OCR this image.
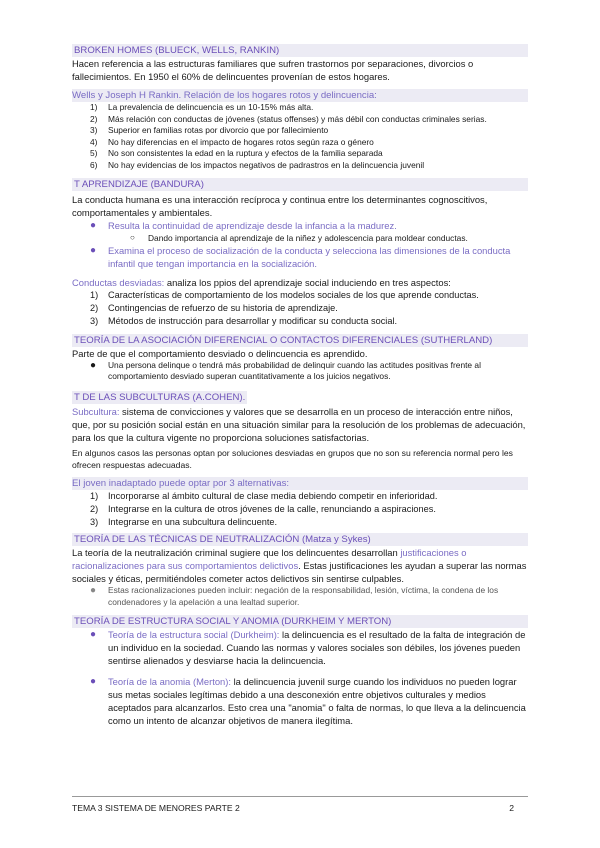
BROKEN HOMES (BLUECK, WELLS, RANKIN)

Hacen referencia a las estructuras familiares que sufren trastornos por separaciones, divorcios o fallecimientos. En 1950 el 60% de delincuentes provenían de estos hogares.

Wells y Joseph H Rankin. Relación de los hogares rotos y delincuencia:
1) La prevalencia de delincuencia es un 10-15% más alta.
2) Más relación con conductas de jóvenes (status offenses) y más débil con conductas criminales serias.
3) Superior en familias rotas por divorcio que por fallecimiento
4) No hay diferencias en el impacto de hogares rotos según raza o género
5) No son consistentes la edad en la ruptura y efectos de la familia separada
6) No hay evidencias de los impactos negativos de padrastros en la delincuencia juvenil
T APRENDIZAJE (BANDURA)

La conducta humana es una interacción recíproca y continua entre los determinantes cognoscitivos, comportamentales y ambientales.

● Resulta la continuidad de aprendizaje desde la infancia a la madurez.
○ Dando importancia al aprendizaje de la niñez y adolescencia para moldear conductas.
● Examina el proceso de socialización de la conducta y selecciona las dimensiones de la conducta infantil que tengan importancia en la socialización.

Conductas desviadas: analiza los ppios del aprendizaje social induciendo en tres aspectos:

1) Características de comportamiento de los modelos sociales de los que aprende conductas.
2) Contingencias de refuerzo de su historia de aprendizaje.
3) Métodos de instrucción para desarrollar y modificar su conducta social.
TEORÍA DE LA ASOCIACIÓN DIFERENCIAL O CONTACTOS DIFERENCIALES (SUTHERLAND)

Parte de que el comportamiento desviado o delincuencia es aprendido.

● Una persona delinque o tendrá más probabilidad de delinquir cuando las actitudes positivas frente al comportamiento desviado superan cuantitativamente a los juicios negativos.
T DE LAS SUBCULTURAS (A.COHEN).

Subcultura: sistema de convicciones y valores que se desarrolla en un proceso de interacción entre niños, que, por su posición social están en una situación similar para la resolución de los problemas de adecuación, para los que la cultura vigente no proporciona soluciones satisfactorias.

En algunos casos las personas optan por soluciones desviadas en grupos que no son su referencia normal pero les ofrecen respuestas adecuadas.

El joven inadaptado puede optar por 3 alternativas:
1) Incorporarse al ámbito cultural de clase media debiendo competir en inferioridad.
2) Integrarse en la cultura de otros jóvenes de la calle, renunciando a aspiraciones.
3) Integrarse en una subcultura delincuente.
TEORÍA DE LAS TÉCNICAS DE NEUTRALIZACIÓN (Matza y Sykes)

La teoría de la neutralización criminal sugiere que los delincuentes desarrollan justificaciones o racionalizaciones para sus comportamientos delictivos. Estas justificaciones les ayudan a superar las normas sociales y éticas, permitiéndoles cometer actos delictivos sin sentirse culpables.

● Estas racionalizaciones pueden incluir: negación de la responsabilidad, lesión, víctima, la condena de los condenadores y la apelación a una lealtad superior.
TEORÍA DE ESTRUCTURA SOCIAL Y ANOMIA (DURKHEIM Y MERTON)
● Teoría de la estructura social (Durkheim): la delincuencia es el resultado de la falta de integración de un individuo en la sociedad. Cuando las normas y valores sociales son débiles, los jóvenes pueden sentirse alienados y desviarse hacia la delincuencia.
● Teoría de la anomia (Merton): la delincuencia juvenil surge cuando los individuos no pueden lograr sus metas sociales legítimas debido a una desconexión entre objetivos culturales y medios aceptados para alcanzarlos. Esto crea una "anomia" o falta de normas, lo que lleva a la delincuencia como un intento de alcanzar objetivos de manera ilegítima.
TEMA 3 SISTEMA DE MENORES PARTE 2	2
